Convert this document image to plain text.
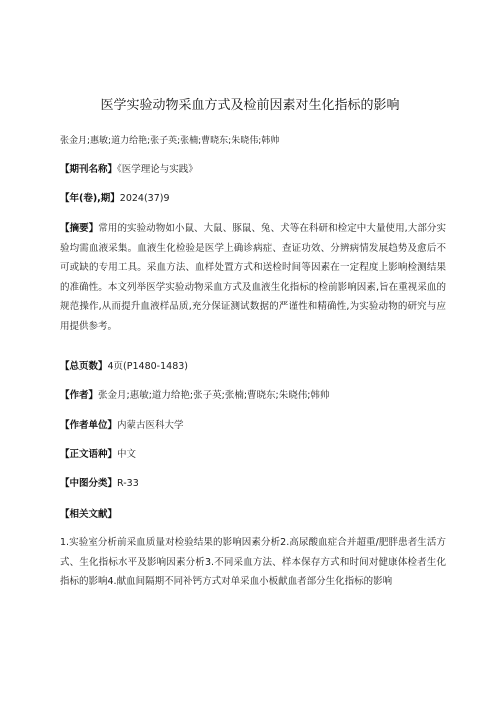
医学实验动物采血方式及检前因素对生化指标的影响
张金月;惠敏;道力给艳;张子英;张楠;曹晓东;朱晓伟;韩帅
【期刊名称】《医学理论与实践》
【年(卷),期】2024(37)9
【摘要】常用的实验动物如小鼠、大鼠、豚鼠、兔、犬等在科研和检定中大量使用,大部分实验均需血液采集。血液生化检验是医学上确诊病症、查证功效、分辨病情发展趋势及愈后不可或缺的专用工具。采血方法、血样处置方式和送检时间等因素在一定程度上影响检测结果的准确性。本文列举医学实验动物采血方式及血液生化指标的检前影响因素,旨在重视采血的规范操作,从而提升血液样品质,充分保证测试数据的严谨性和精确性,为实验动物的研究与应用提供参考。
【总页数】4页(P1480-1483)
【作者】张金月;惠敏;道力给艳;张子英;张楠;曹晓东;朱晓伟;韩帅
【作者单位】内蒙古医科大学
【正文语种】中文
【中图分类】R-33
【相关文献】
1.实验室分析前采血质量对检验结果的影响因素分析2.高尿酸血症合并超重/肥胖患者生活方式、生化指标水平及影响因素分析3.不同采血方法、样本保存方式和时间对健康体检者生化指标的影响4.献血间隔期不同补钙方式对单采血小板献血者部分生化指标的影响
